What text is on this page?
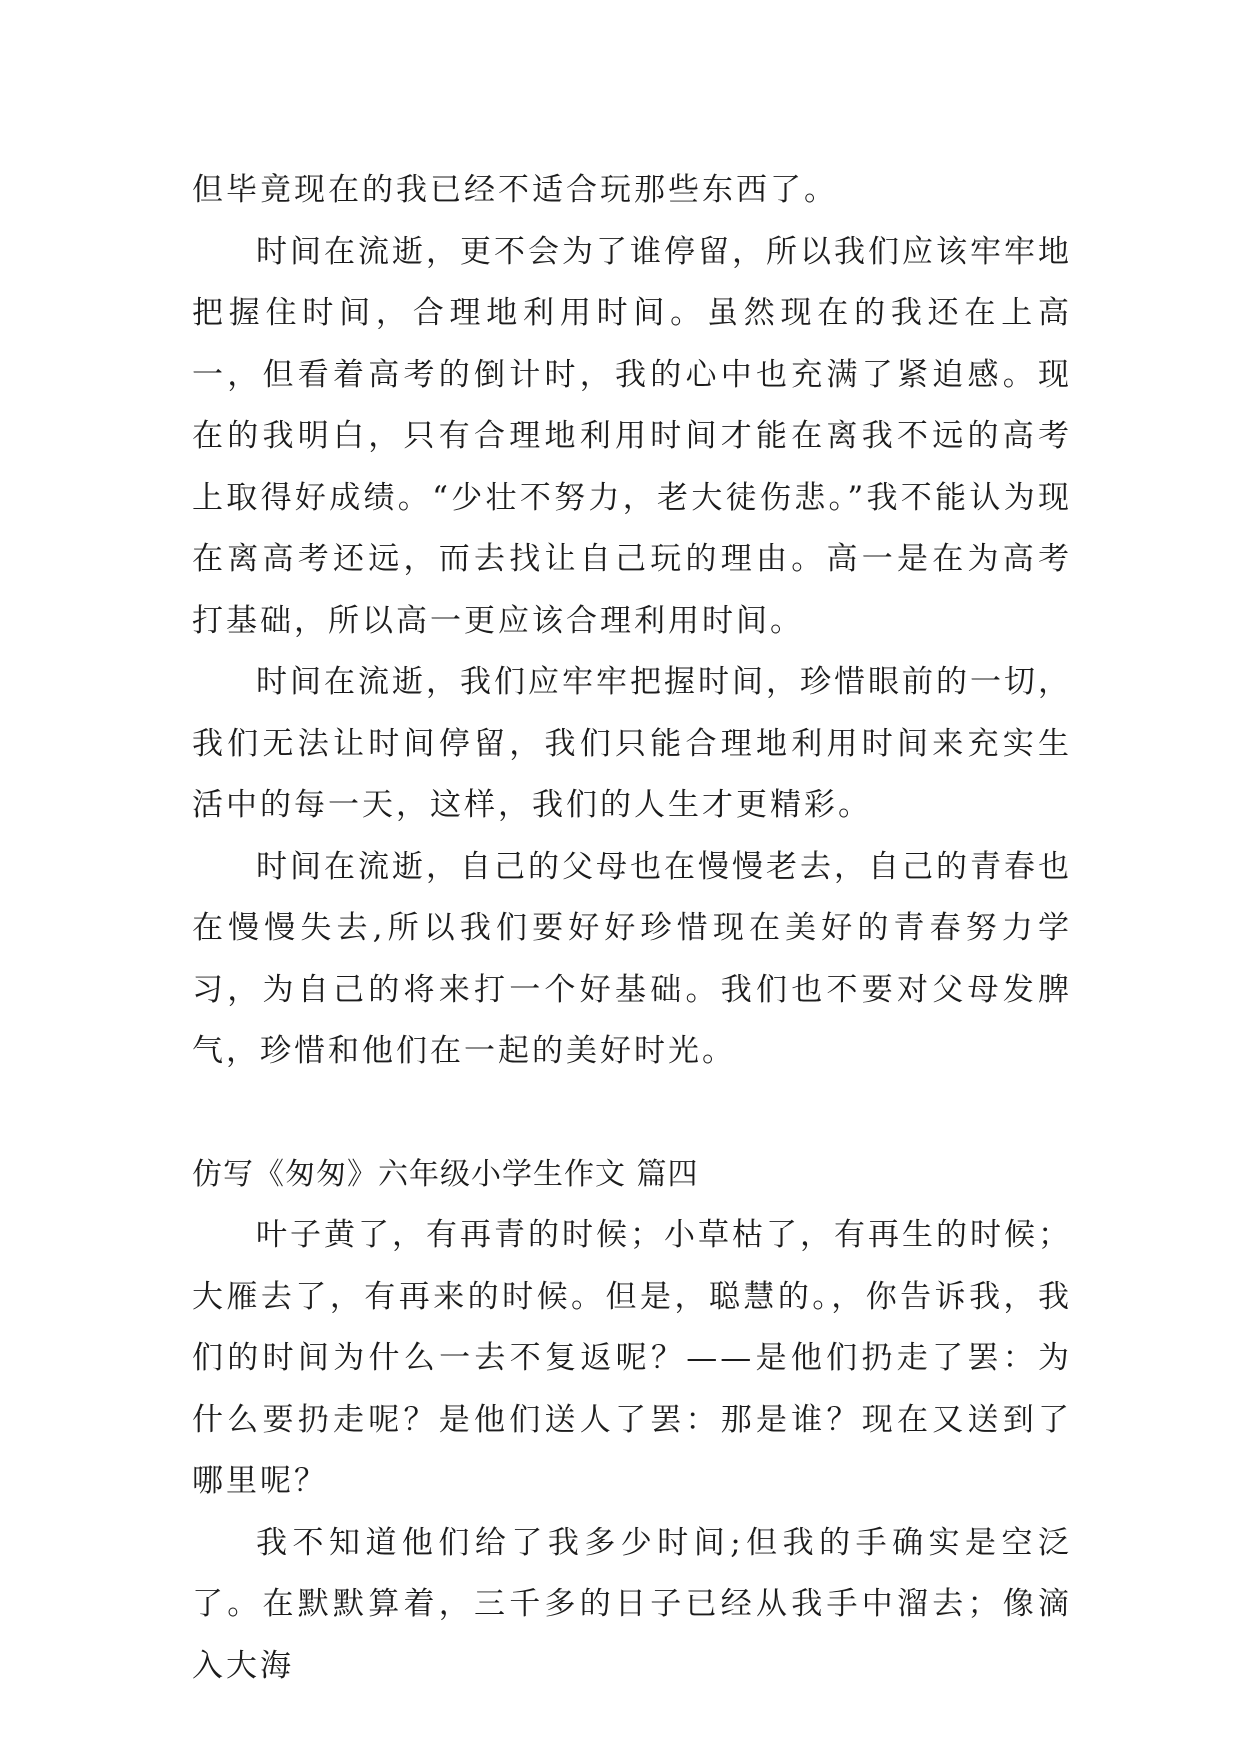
但毕竟现在的我已经不适合玩那些东西了。

时间在流逝，更不会为了谁停留，所以我们应该牢牢地把握住时间，合理地利用时间。虽然现在的我还在上高一，但看着高考的倒计时，我的心中也充满了紧迫感。现在的我明白，只有合理地利用时间才能在离我不远的高考上取得好成绩。“少壮不努力，老大徒伤悲。”我不能认为现在离高考还远，而去找让自己玩的理由。高一是在为高考打基础，所以高一更应该合理利用时间。

时间在流逝，我们应牢牢把握时间，珍惜眼前的一切，我们无法让时间停留，我们只能合理地利用时间来充实生活中的每一天，这样，我们的人生才更精彩。

时间在流逝，自己的父母也在慢慢老去，自己的青春也在慢慢失去,所以我们要好好珍惜现在美好的青春努力学习，为自己的将来打一个好基础。我们也不要对父母发脾气，珍惜和他们在一起的美好时光。

仿写《匆匆》六年级小学生作文 篇四

叶子黄了，有再青的时候；小草枯了，有再生的时候；大雁去了，有再来的时候。但是，聪慧的。，你告诉我，我们的时间为什么一去不复返呢？——是他们扔走了罢：为什么要扔走呢？是他们送人了罢：那是谁？现在又送到了哪里呢？

我不知道他们给了我多少时间;但我的手确实是空泛了。在默默算着，三千多的日子已经从我手中溜去；像滴入大海
